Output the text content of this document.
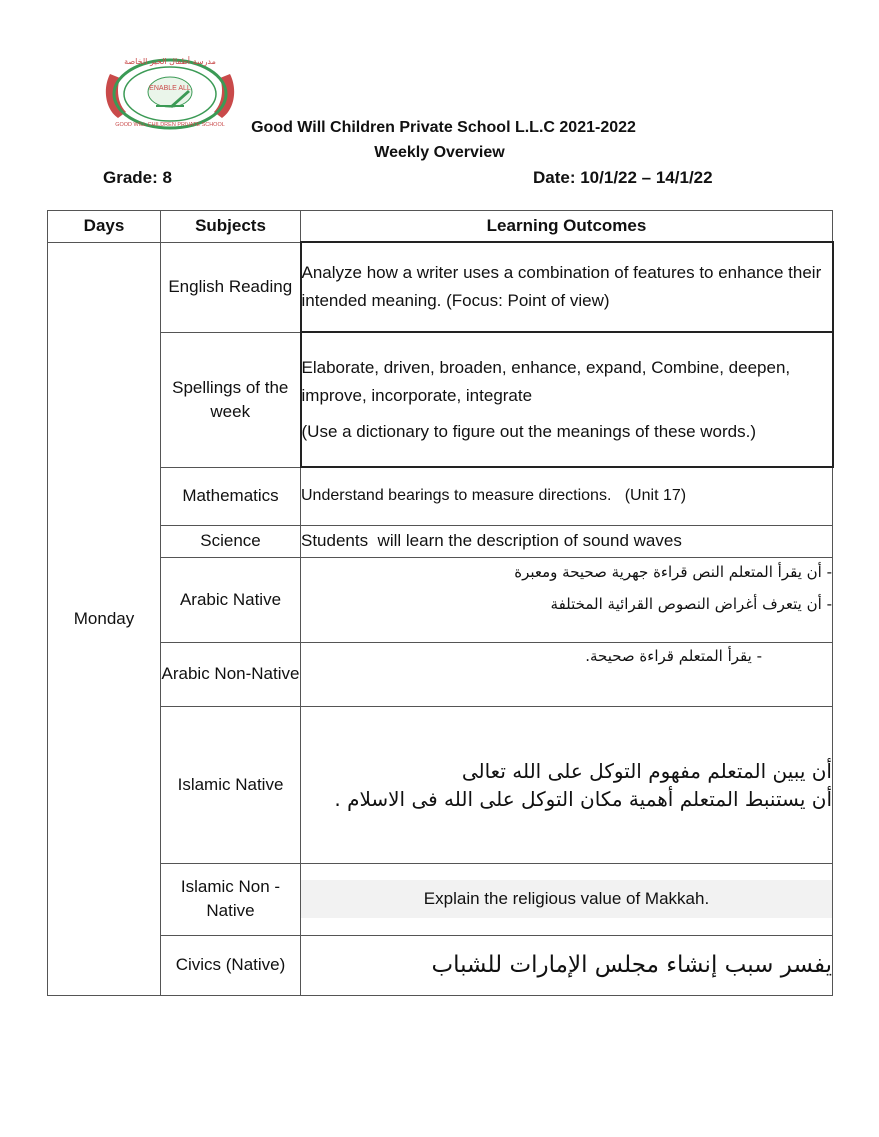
مدرسة أطفال الخير الخاصة
ENABLE ALL
GOOD WILL CHILDREN PRIVATE SCHOOL	Good Will Children Private School L.L.C 2021-2022
Weekly Overview
Grade: 8	Date: 10/1/22 – 14/1/22
Days	Subjects	Learning Outcomes
Monday	English Reading	Analyze how a writer uses a combination of features to enhance their intended meaning. (Focus: Point of view)

	Spellings of the week	Elaborate, driven, broaden, enhance, expand, Combine, deepen, improve, incorporate, integrate

(Use a dictionary to figure out the meanings of these words.)

	Mathematics	Understand bearings to measure directions.   (Unit 17)

	Science	Students  will learn the description of sound waves

	Arabic Native	- أن يقرأ المتعلم النص قراءة جهرية صحيحة ومعبرة

- أن يتعرف أغراض النصوص القرائية المختلفة

	Arabic Non-Native	- يقرأ المتعلم قراءة صحيحة.

	Islamic Native	أن يبين المتعلم مفهوم التوكل على الله تعالى

أن يستنبط المتعلم أهمية مكان التوكل على الله فى الاسلام .

	Islamic Non - Native	Explain the religious value of Makkah.

	Civics (Native)	يفسر سبب إنشاء مجلس الإمارات للشباب
